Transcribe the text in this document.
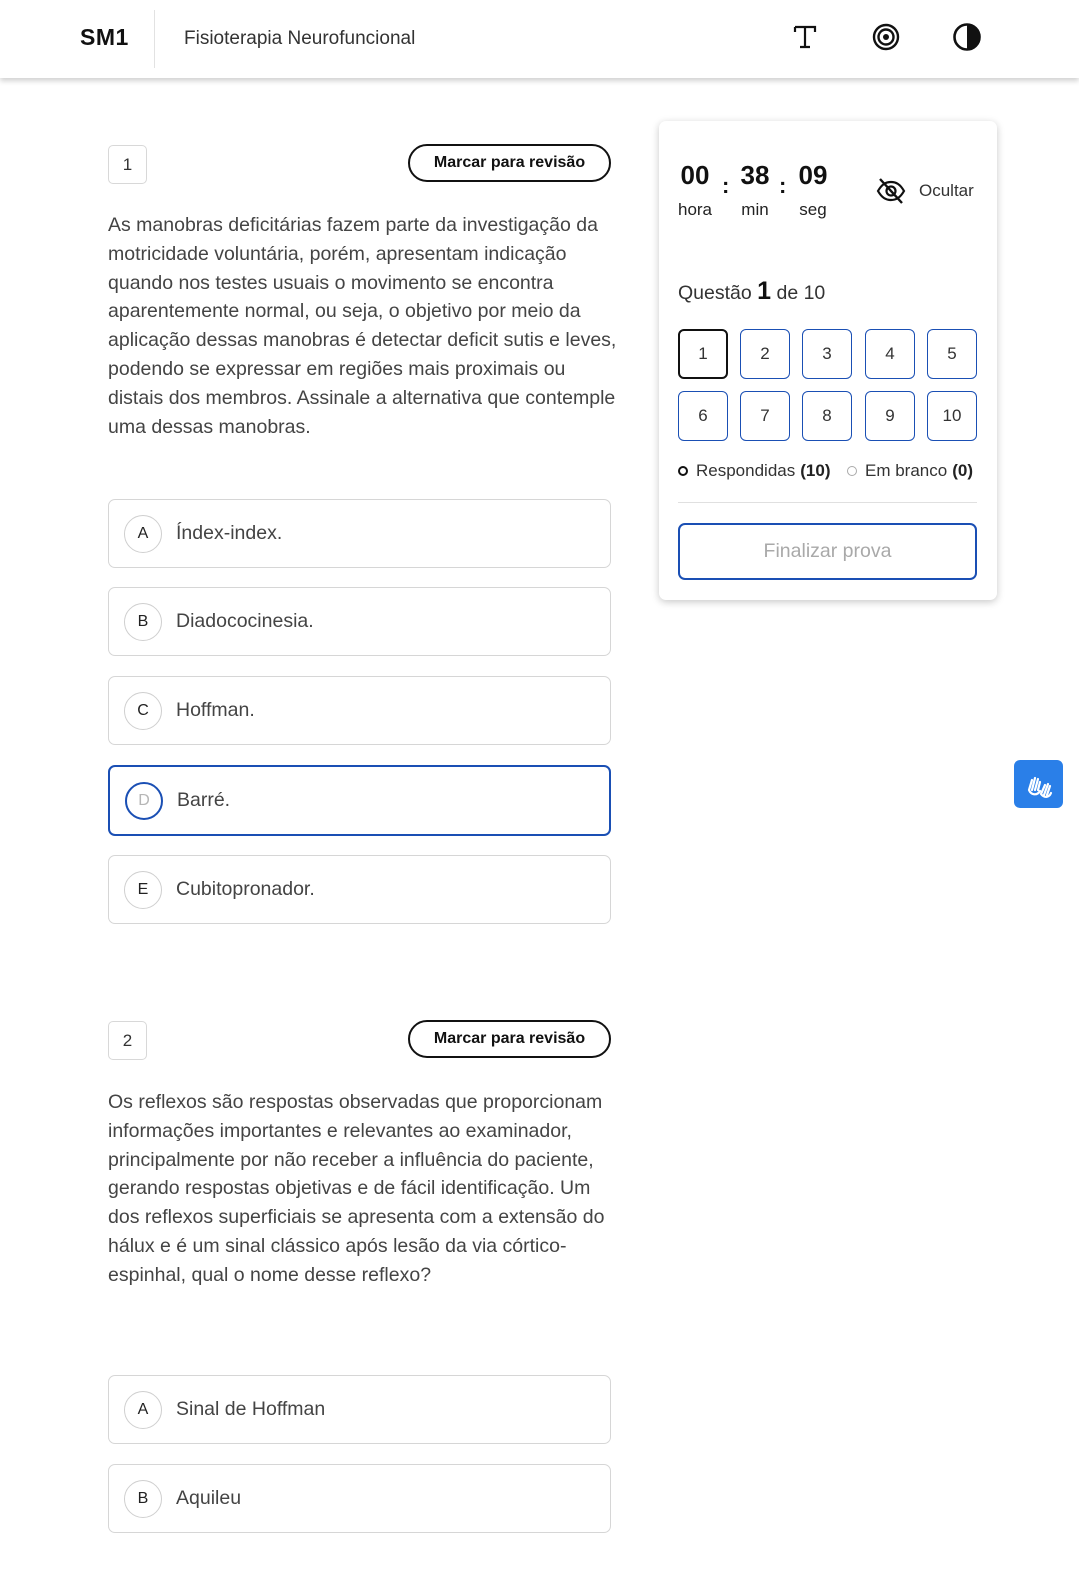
SM1	Fisioterapia Neurofuncional
1	Marcar para revisão
As manobras deficitárias fazem parte da investigação da motricidade voluntária, porém, apresentam indicação quando nos testes usuais o movimento se encontra aparentemente normal, ou seja, o objetivo por meio da aplicação dessas manobras é detectar deficit sutis e leves, podendo se expressar em regiões mais proximais ou distais dos membros. Assinale a alternativa que contemple uma dessas manobras.
A	Índex-index.
B	Diadococinesia.
C	Hoffman.
D	Barré.
E	Cubitopronador.
2	Marcar para revisão
Os reflexos são respostas observadas que proporcionam informações importantes e relevantes ao examinador, principalmente por não receber a influência do paciente, gerando respostas objetivas e de fácil identificação. Um dos reflexos superficiais se apresenta com a extensão do hálux e é um sinal clássico após lesão da via córtico-espinhal, qual o nome desse reflexo?
A	Sinal de Hoffman
B	Aquileu
00 : 38 : 09
hora	min	seg
Ocultar
Questão 1 de 10
1	2	3	4	5
6	7	8	9	10
Respondidas (10) Em branco (0)
Finalizar prova
